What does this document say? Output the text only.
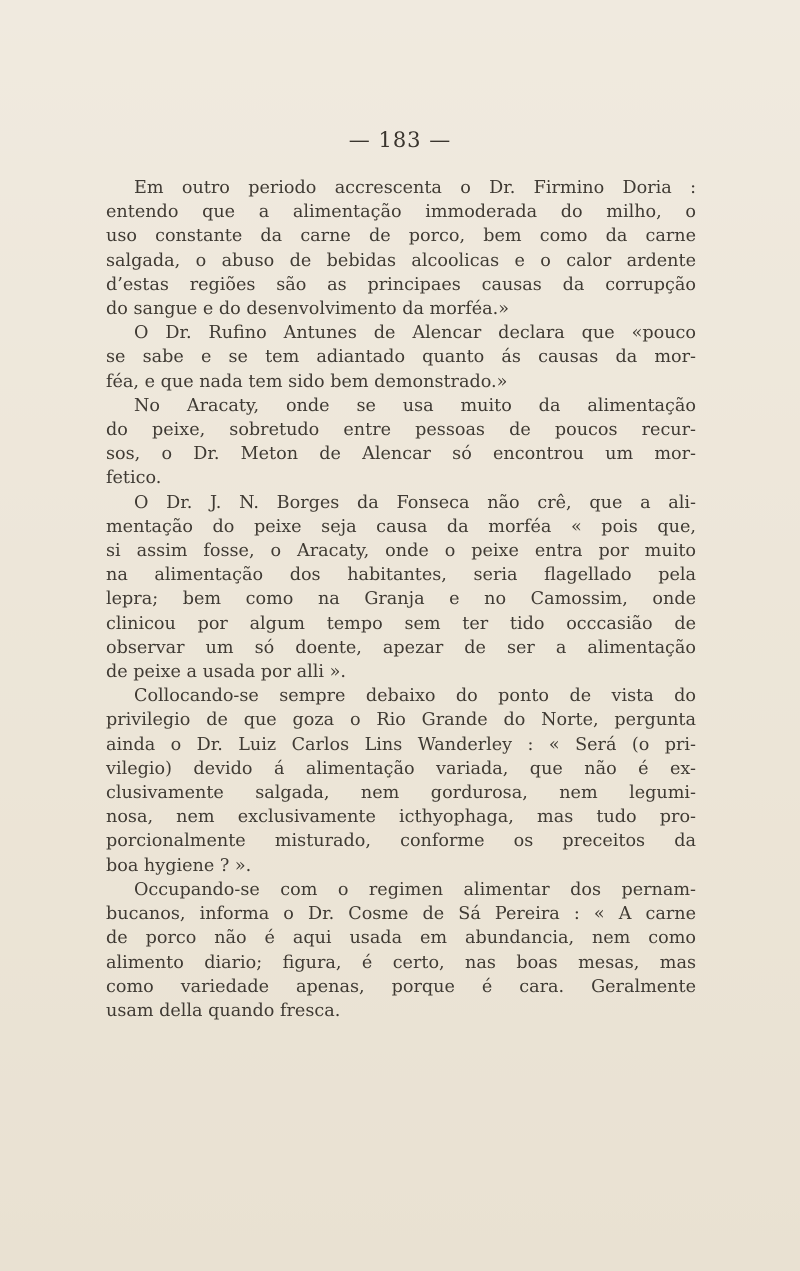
— 183 —
Em outro periodo accrescenta o Dr. Firmino Doria :
entendo que a alimentação immoderada do milho, o
uso constante da carne de porco, bem como da carne
salgada, o abuso de bebidas alcoolicas e o calor ardente
d’estas regiões são as principaes causas da corrupção
do sangue e do desenvolvimento da morféa.»
O Dr. Rufino Antunes de Alencar declara que «pouco
se sabe e se tem adiantado quanto ás causas da mor-
féa, e que nada tem sido bem demonstrado.»
No Aracaty, onde se usa muito da alimentação
do peixe, sobretudo entre pessoas de poucos recur-
sos, o Dr. Meton de Alencar só encontrou um mor-
fetico.
O Dr. J. N. Borges da Fonseca não crê, que a ali-
mentação do peixe seja causa da morféa « pois que,
si assim fosse, o Aracaty, onde o peixe entra por muito
na alimentação dos habitantes, seria flagellado pela
lepra; bem como na Granja e no Camossim, onde
clinicou por algum tempo sem ter tido occcasião de
observar um só doente, apezar de ser a alimentação
de peixe a usada por alli ».
Collocando-se sempre debaixo do ponto de vista do
privilegio de que goza o Rio Grande do Norte, pergunta
ainda o Dr. Luiz Carlos Lins Wanderley : « Será (o pri-
vilegio) devido á alimentação variada, que não é ex-
clusivamente salgada, nem gordurosa, nem legumi-
nosa, nem exclusivamente icthyophaga, mas tudo pro-
porcionalmente misturado, conforme os preceitos da
boa hygiene ? ».
Occupando-se com o regimen alimentar dos pernam-
bucanos, informa o Dr. Cosme de Sá Pereira : « A carne
de porco não é aqui usada em abundancia, nem como
alimento diario; figura, é certo, nas boas mesas, mas
como variedade apenas, porque é cara. Geralmente
usam della quando fresca.
